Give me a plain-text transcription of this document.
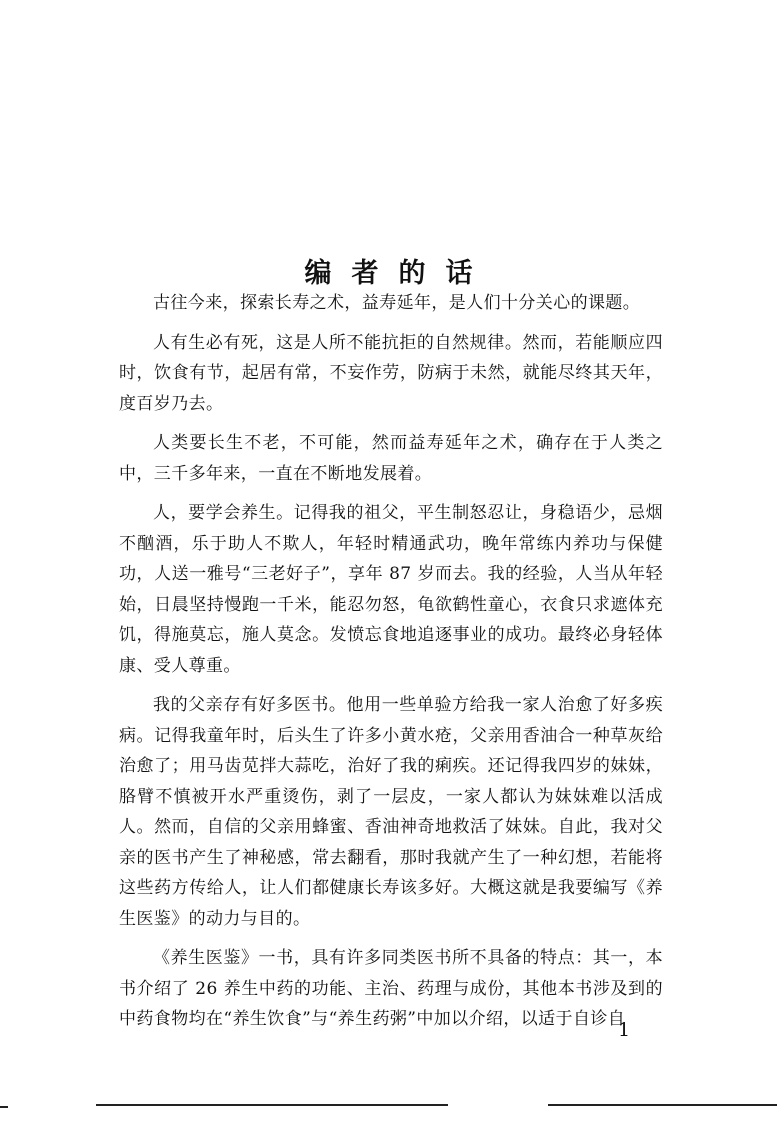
编者的话

古往今来，探索长寿之术，益寿延年，是人们十分关心的课题。

人有生必有死，这是人所不能抗拒的自然规律。然而，若能顺应四时，饮食有节，起居有常，不妄作劳，防病于未然，就能尽终其天年，度百岁乃去。

人类要长生不老，不可能，然而益寿延年之术，确存在于人类之中，三千多年来，一直在不断地发展着。

人，要学会养生。记得我的祖父，平生制怒忍让，身稳语少，忌烟不酗酒，乐于助人不欺人，年轻时精通武功，晚年常练内养功与保健功，人送一雅号“三老好子”，享年 87 岁而去。我的经验，人当从年轻始，日晨坚持慢跑一千米，能忍勿怒，龟欲鹤性童心，衣食只求遮体充饥，得施莫忘，施人莫念。发愤忘食地追逐事业的成功。最终必身轻体康、受人尊重。

我的父亲存有好多医书。他用一些单验方给我一家人治愈了好多疾病。记得我童年时，后头生了许多小黄水疮，父亲用香油合一种草灰给治愈了；用马齿苋拌大蒜吃，治好了我的痢疾。还记得我四岁的妹妹，胳臂不慎被开水严重烫伤，剥了一层皮，一家人都认为妹妹难以活成人。然而，自信的父亲用蜂蜜、香油神奇地救活了妹妹。自此，我对父亲的医书产生了神秘感，常去翻看，那时我就产生了一种幻想，若能将这些药方传给人，让人们都健康长寿该多好。大概这就是我要编写《养生医鉴》的动力与目的。

《养生医鉴》一书，具有许多同类医书所不具备的特点：其一，本书介绍了 26 养生中药的功能、主治、药理与成份，其他本书涉及到的中药食物均在“养生饮食”与“养生药粥”中加以介绍，以适于自诊自

1
